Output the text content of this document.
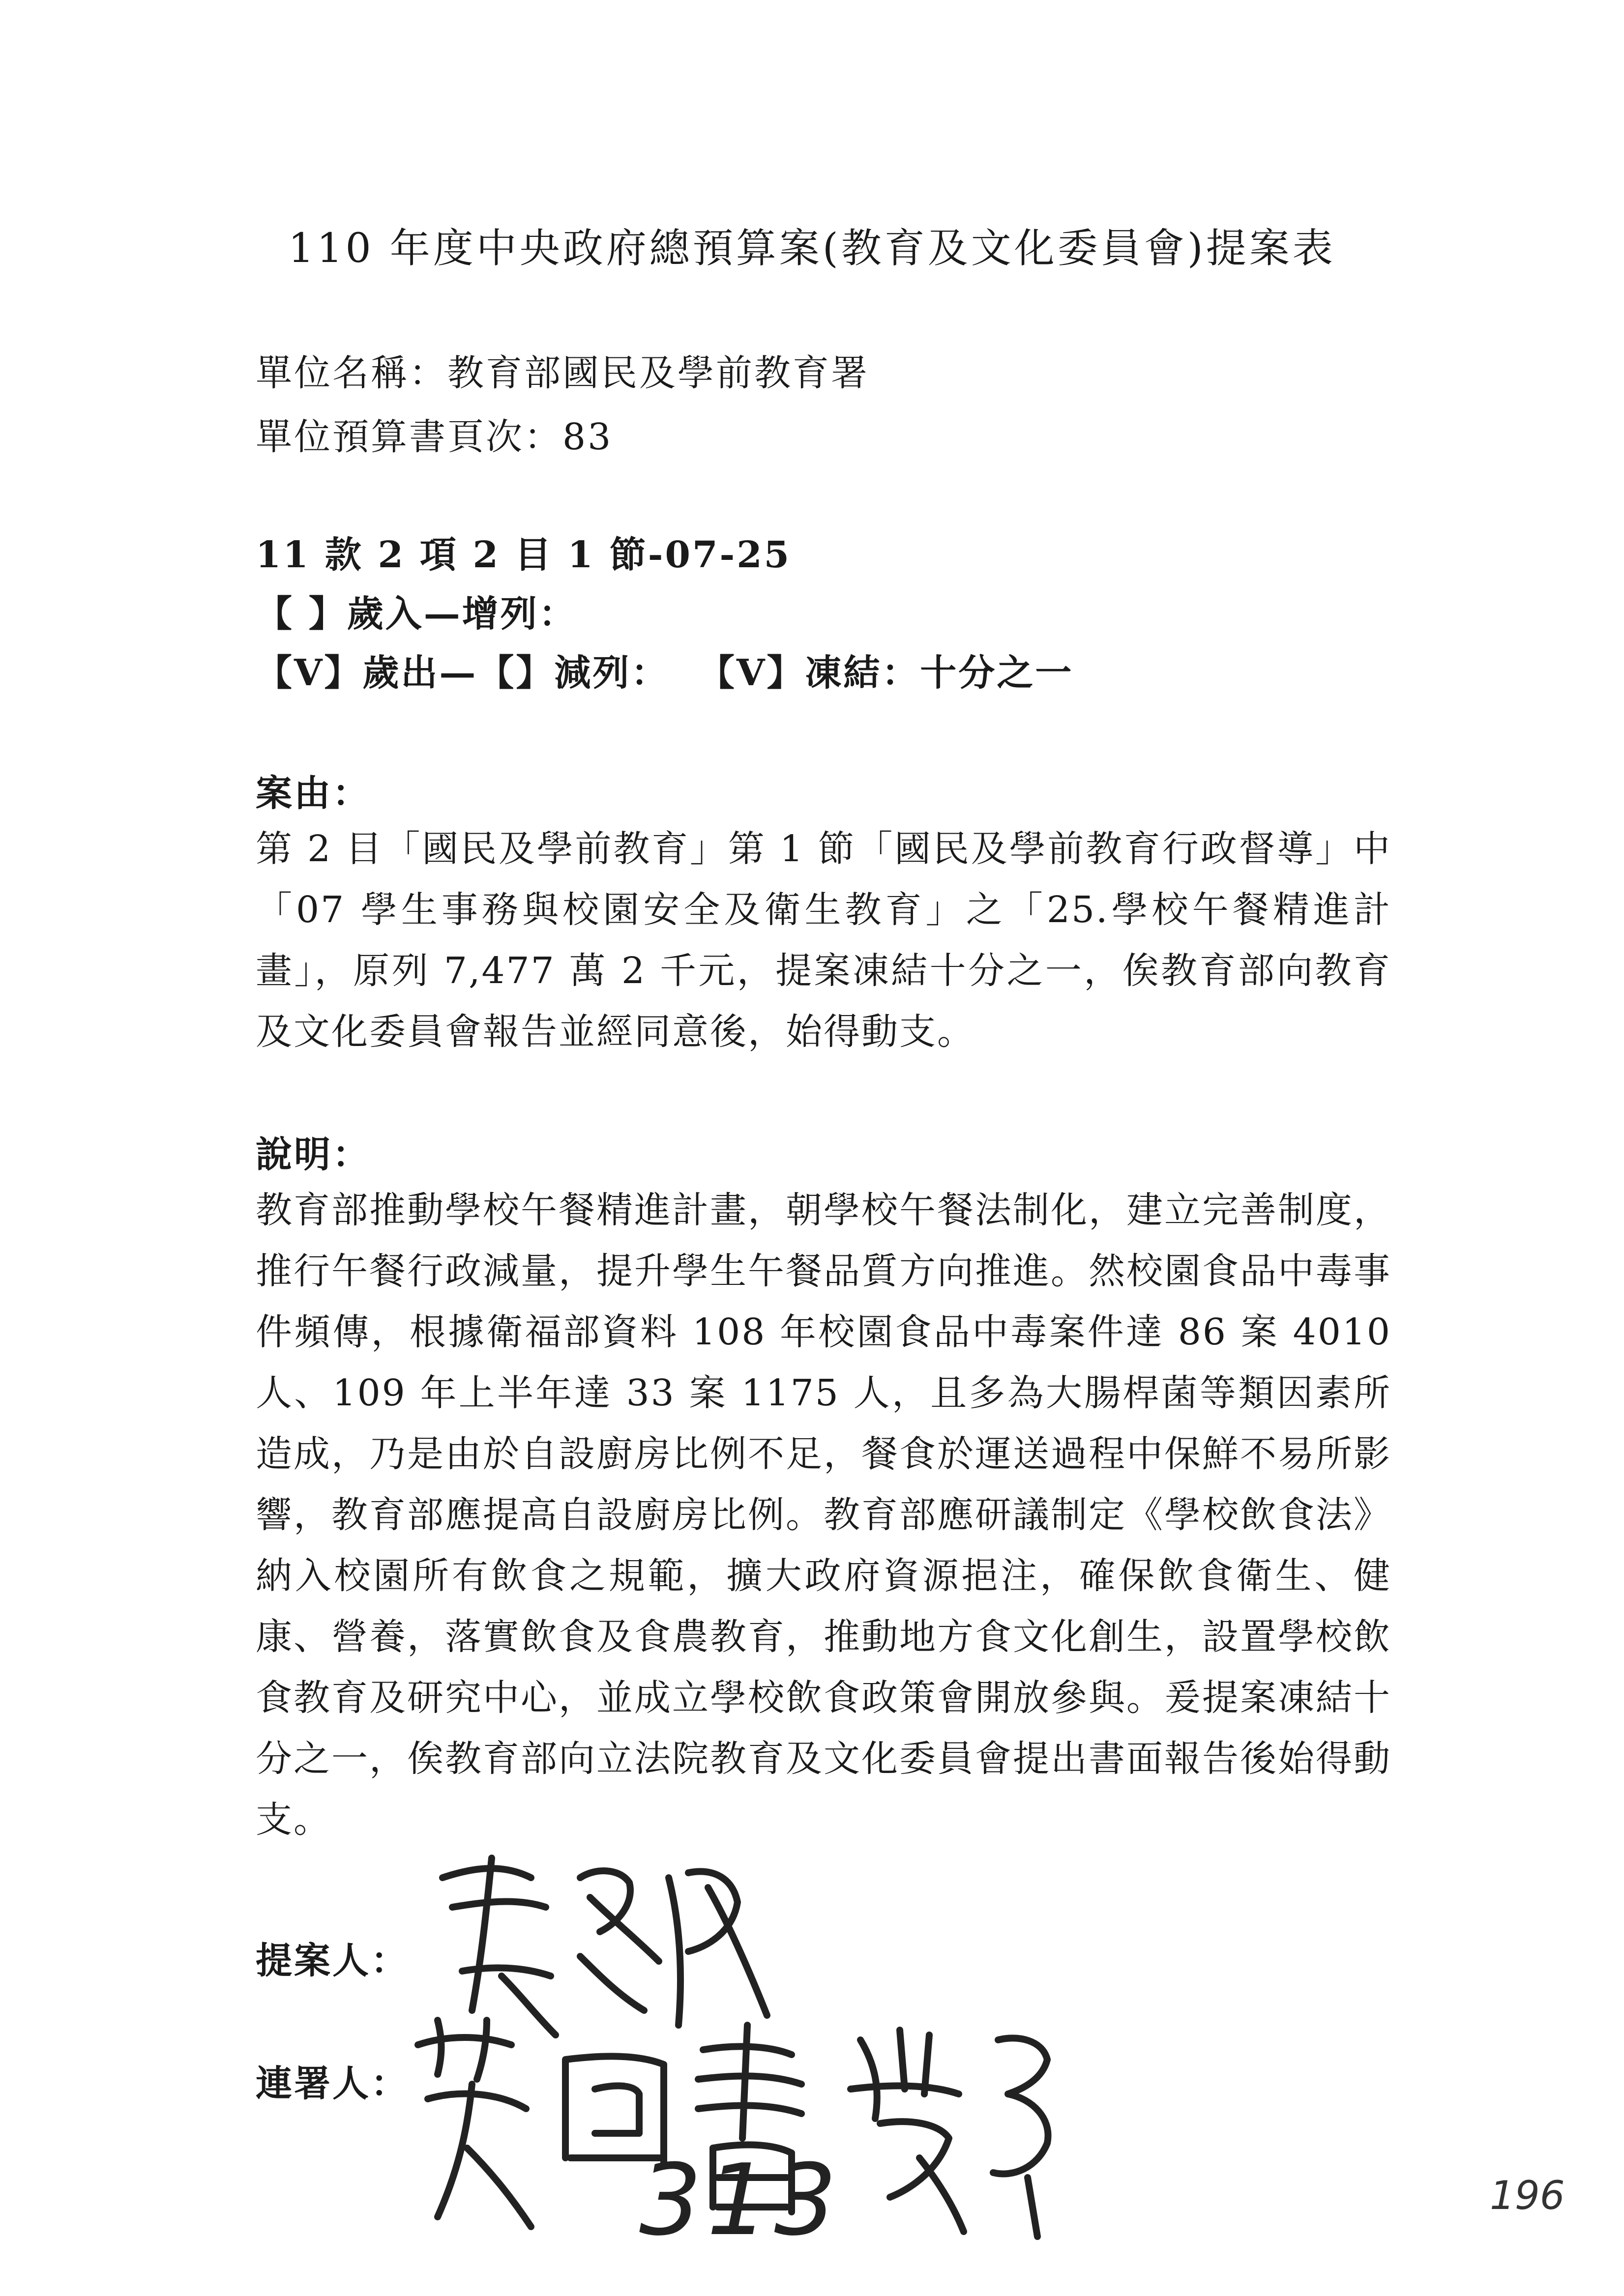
110 年度中央政府總預算案(教育及文化委員會)提案表
單位名稱：教育部國民及學前教育署
單位預算書頁次：83
11 款 2 項 2 目 1 節-07-25
【 】歲入—增列：
【V】歲出—【】減列： 【V】凍結：十分之一
案由：
第 2 目「國民及學前教育」第 1 節「國民及學前教育行政督導」中「07 學生事務與校園安全及衛生教育」之「25.學校午餐精進計畫」，原列 7,477 萬 2 千元，提案凍結十分之一，俟教育部向教育及文化委員會報告並經同意後，始得動支。
說明：
教育部推動學校午餐精進計畫，朝學校午餐法制化，建立完善制度，推行午餐行政減量，提升學生午餐品質方向推進。然校園食品中毒事件頻傳，根據衛福部資料 108 年校園食品中毒案件達 86 案 4010 人、109 年上半年達 33 案 1175 人，且多為大腸桿菌等類因素所造成，乃是由於自設廚房比例不足，餐食於運送過程中保鮮不易所影響，教育部應提高自設廚房比例。教育部應研議制定《學校飲食法》納入校園所有飲食之規範，擴大政府資源挹注，確保飲食衛生、健康、營養，落實飲食及食農教育，推動地方食文化創生，設置學校飲食教育及研究中心，並成立學校飲食政策會開放參與。爰提案凍結十分之一，俟教育部向立法院教育及文化委員會提出書面報告後始得動支。
提案人：
連署人：
313	196
